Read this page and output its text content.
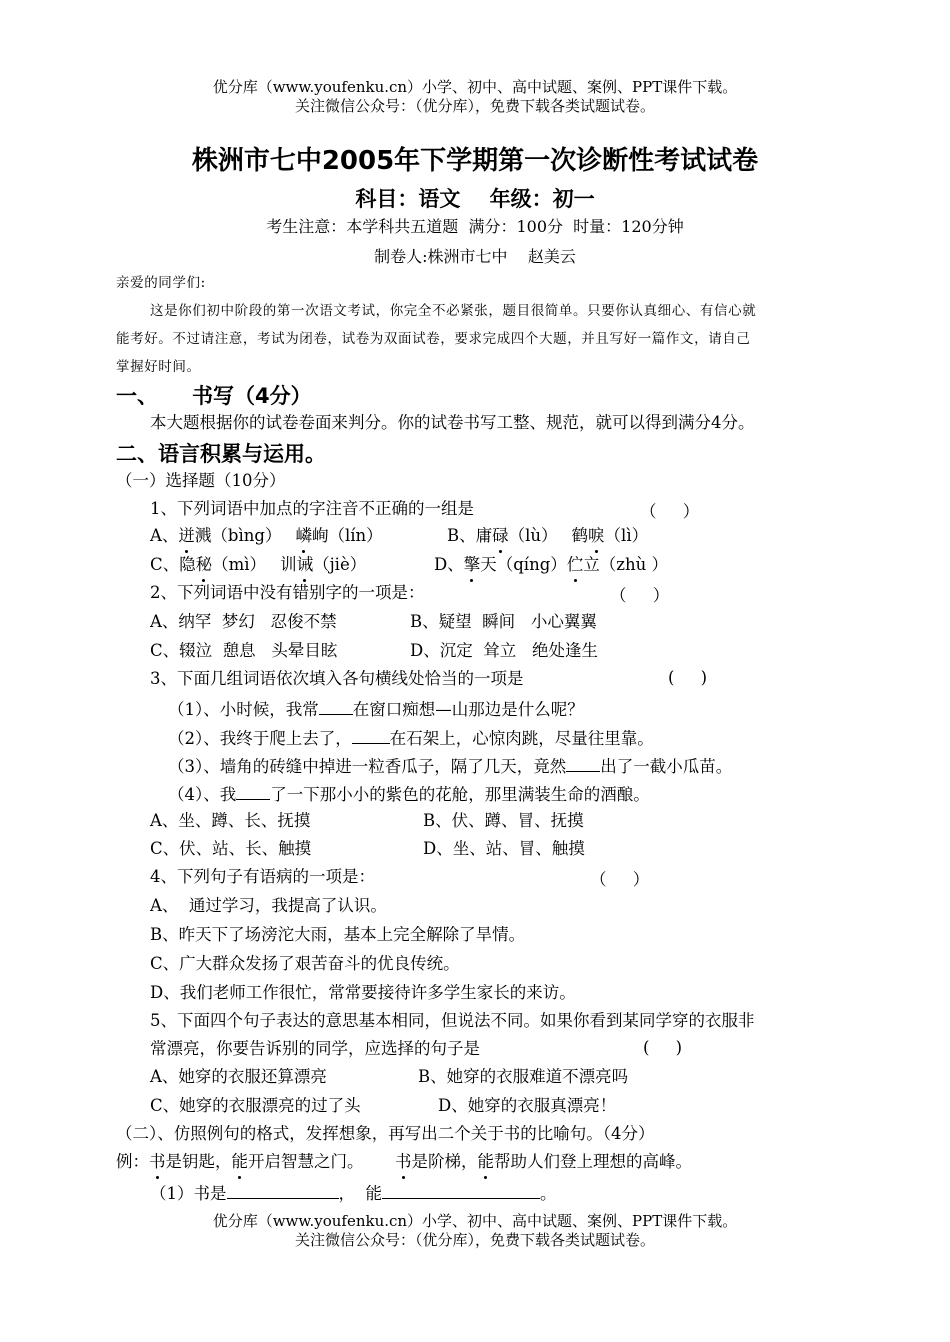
优分库（www.youfenku.cn）小学、初中、高中试题、案例、PPT课件下载。
关注微信公众号：（优分库），免费下载各类试题试卷。
株洲市七中2005年下学期第一次诊断性考试试卷
科目：语文    年级：初一
考生注意：本学科共五道题  满分：100分  时量：120分钟
制卷人:株洲市七中    赵美云
亲爱的同学们:
这是你们初中阶段的第一次语文考试，你完全不必紧张，题目很简单。只要你认真细心、有信心就
能考好。不过请注意，考试为闭卷，试卷为双面试卷，要求完成四个大题，并且写好一篇作文，请自己
掌握好时间。
一、 书写（4分）
本大题根据你的试卷卷面来判分。你的试卷书写工整、规范，就可以得到满分4分。
二、语言积累与运用。
（一）选择题（10分）
1、下列词语中加点的字注音不正确的一组是	（     ）
A、迸溅（bìng） 嶙峋（lín）	B、庸碌（lù） 鹤唳（lì）
C、隐秘（mì） 训诫（jiè）	D、擎天（qíng）伫立（zhù ）
2、下列词语中没有错别字的一项是：	（     ）
A、纳罕  梦幻   忍俊不禁	B、疑望  瞬间   小心翼翼
C、辍泣  憩息   头晕目眩	D、沉定  耸立   绝处逢生
3、下面几组词语依次填入各句横线处恰当的一项是	(     )
（1）、小时候，我常 在窗口痴想—山那边是什么呢？
（2）、我终于爬上去了， 在石架上，心惊肉跳，尽量往里靠。
（3）、墙角的砖缝中掉进一粒香瓜子，隔了几天，竟然 出了一截小瓜苗。
（4）、我 了一下那小小的紫色的花舱，那里满装生命的酒酿。
A、坐、蹲、长、抚摸	B、伏、蹲、冒、抚摸
C、伏、站、长、触摸	D、坐、站、冒、触摸
4、下列句子有语病的一项是：	（     ）
A、  通过学习，我提高了认识。
B、昨天下了场滂沱大雨，基本上完全解除了旱情。
C、广大群众发扬了艰苦奋斗的优良传统。
D、我们老师工作很忙，常常要接待许多学生家长的来访。
5、下面四个句子表达的意思基本相同，但说法不同。如果你看到某同学穿的衣服非
常漂亮，你要告诉别的同学，应选择的句子是	(     )
A、她穿的衣服还算漂亮	B、她穿的衣服难道不漂亮吗
C、她穿的衣服漂亮的过了头	D、她穿的衣服真漂亮！
（二）、仿照例句的格式，发挥想象，再写出二个关于书的比喻句。（4分）
例：书是钥匙，能开启智慧之门。      书是阶梯，能帮助人们登上理想的高峰。
（1）书是	，  能	。
优分库（www.youfenku.cn）小学、初中、高中试题、案例、PPT课件下载。
关注微信公众号：（优分库），免费下载各类试题试卷。
